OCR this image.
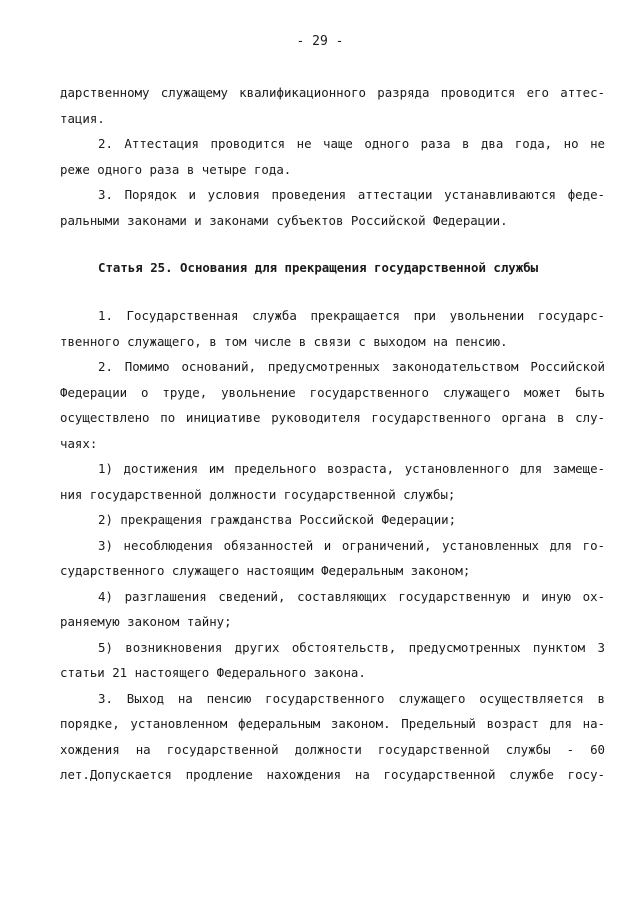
- 29 -
дарственному служащему квалификационного разряда проводится его аттес-
тация.
2. Аттестация проводится не чаще одного раза в два года, но не
реже одного раза в четыре года.
3. Порядок и условия проведения аттестации устанавливаются феде-
ральными законами и законами субъектов Российской Федерации.
Статья 25. Основания для прекращения государственной службы
1. Государственная служба прекращается при увольнении государс-
твенного служащего, в том числе в связи с выходом на пенсию.
2. Помимо оснований, предусмотренных законодательством Российской
Федерации о труде, увольнение государственного служащего может быть
осуществлено по инициативе руководителя государственного органа в слу-
чаях:
1) достижения им предельного возраста, установленного для замеще-
ния государственной должности государственной службы;
2) прекращения гражданства Российской Федерации;
3) несоблюдения обязанностей и ограничений, установленных для го-
сударственного служащего настоящим Федеральным законом;
4) разглашения сведений, составляющих государственную и иную ох-
раняемую законом тайну;
5) возникновения других обстоятельств, предусмотренных пунктом 3
статьи 21 настоящего Федерального закона.
3. Выход на пенсию государственного служащего осуществляется в
порядке, установленном федеральным законом. Предельный возраст для на-
хождения на государственной должности государственной службы - 60
лет.Допускается продление нахождения на государственной службе госу-
